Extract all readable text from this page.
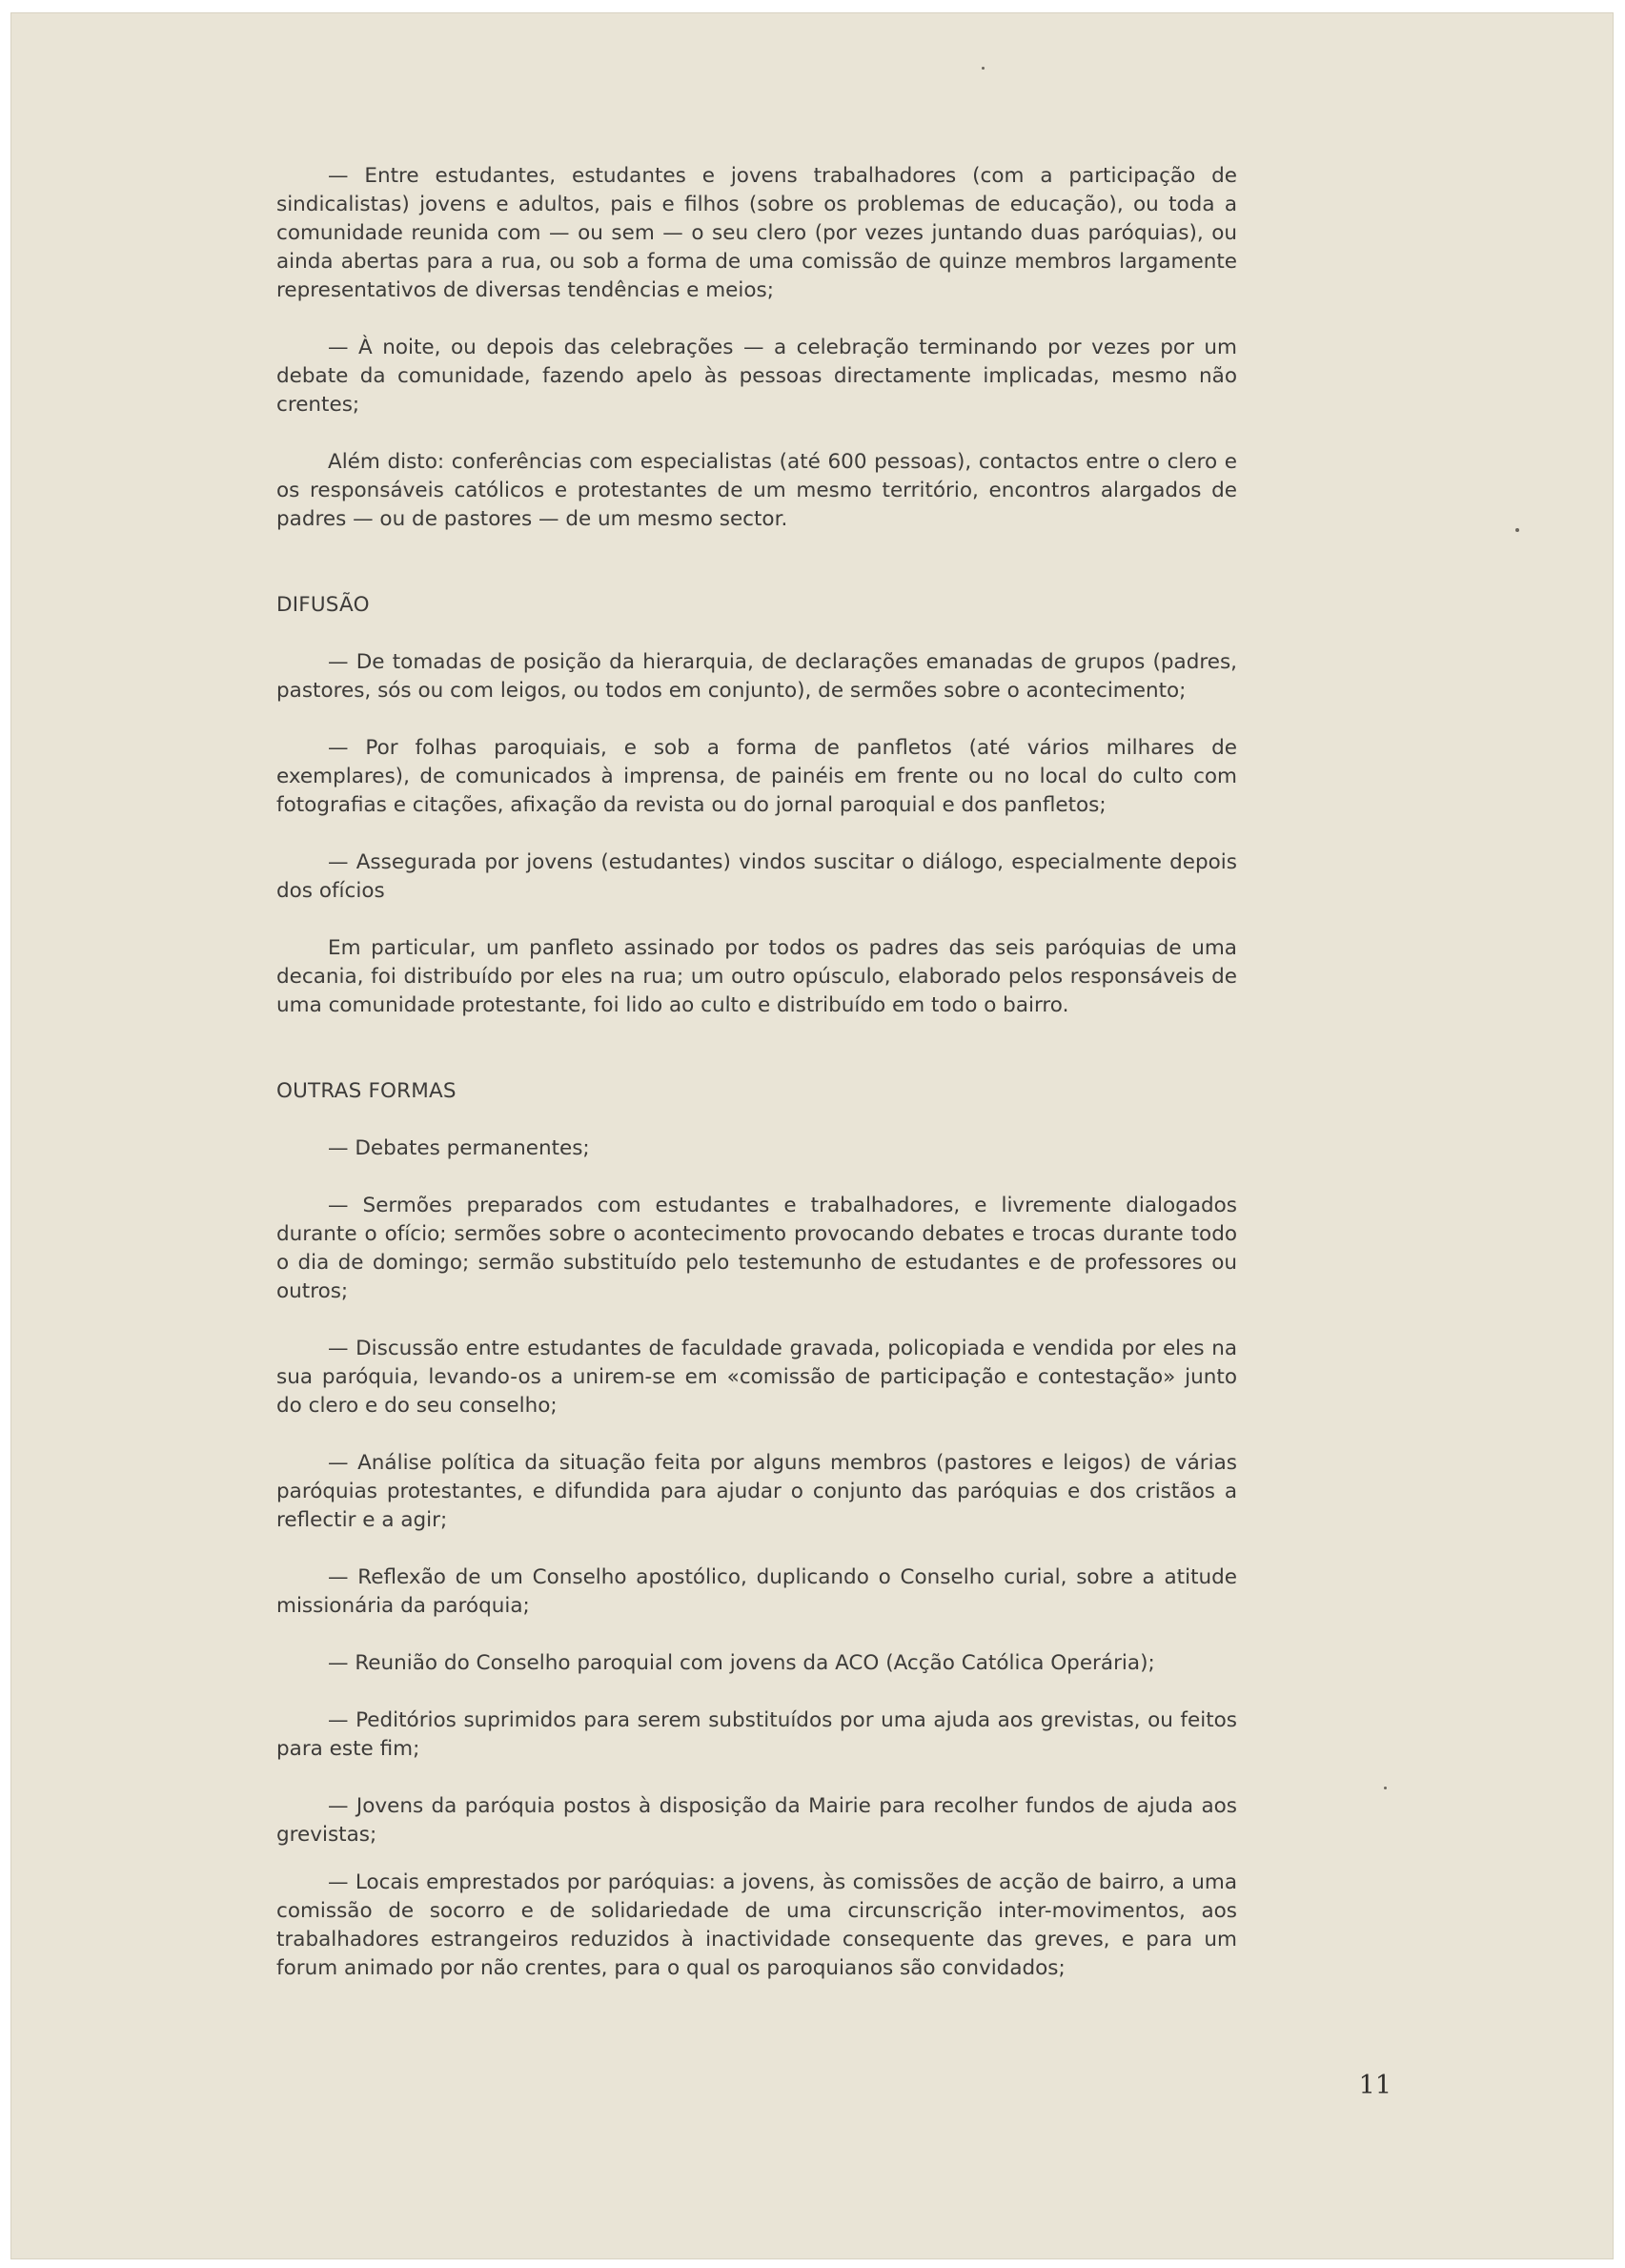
— Entre estudantes, estudantes e jovens trabalhadores (com a participação de sindicalistas) jovens e adultos, pais e filhos (sobre os problemas de educação), ou toda a comunidade reunida com — ou sem — o seu clero (por vezes juntando duas paróquias), ou ainda abertas para a rua, ou sob a forma de uma comissão de quinze membros largamente representativos de diversas tendências e meios;

— À noite, ou depois das celebrações — a celebração terminando por vezes por um debate da comunidade, fazendo apelo às pessoas directamente implicadas, mesmo não crentes;

Além disto: conferências com especialistas (até 600 pessoas), contactos entre o clero e os responsáveis católicos e protestantes de um mesmo território, encontros alargados de padres — ou de pastores — de um mesmo sector.

DIFUSÃO

— De tomadas de posição da hierarquia, de declarações emanadas de grupos (padres, pastores, sós ou com leigos, ou todos em conjunto), de sermões sobre o acontecimento;

— Por folhas paroquiais, e sob a forma de panfletos (até vários milhares de exemplares), de comunicados à imprensa, de painéis em frente ou no local do culto com fotografias e citações, afixação da revista ou do jornal paroquial e dos panfletos;

— Assegurada por jovens (estudantes) vindos suscitar o diálogo, especialmente depois dos ofícios

Em particular, um panfleto assinado por todos os padres das seis paróquias de uma decania, foi distribuído por eles na rua; um outro opúsculo, elaborado pelos responsáveis de uma comunidade protestante, foi lido ao culto e distribuído em todo o bairro.

OUTRAS FORMAS

— Debates permanentes;

— Sermões preparados com estudantes e trabalhadores, e livremente dialogados durante o ofício; sermões sobre o acontecimento provocando debates e trocas durante todo o dia de domingo; sermão substituído pelo testemunho de estudantes e de professores ou outros;

— Discussão entre estudantes de faculdade gravada, policopiada e vendida por eles na sua paróquia, levando-os a unirem-se em «comissão de participação e contestação» junto do clero e do seu conselho;

— Análise política da situação feita por alguns membros (pastores e leigos) de várias paróquias protestantes, e difundida para ajudar o conjunto das paróquias e dos cristãos a reflectir e a agir;

— Reflexão de um Conselho apostólico, duplicando o Conselho curial, sobre a atitude missionária da paróquia;

— Reunião do Conselho paroquial com jovens da ACO (Acção Católica Operária);

— Peditórios suprimidos para serem substituídos por uma ajuda aos grevistas, ou feitos para este fim;

— Jovens da paróquia postos à disposição da Mairie para recolher fundos de ajuda aos grevistas;

— Locais emprestados por paróquias: a jovens, às comissões de acção de bairro, a uma comissão de socorro e de solidariedade de uma circunscrição inter-movimentos, aos trabalhadores estrangeiros reduzidos à inactividade consequente das greves, e para um forum animado por não crentes, para o qual os paroquianos são convidados;

11
